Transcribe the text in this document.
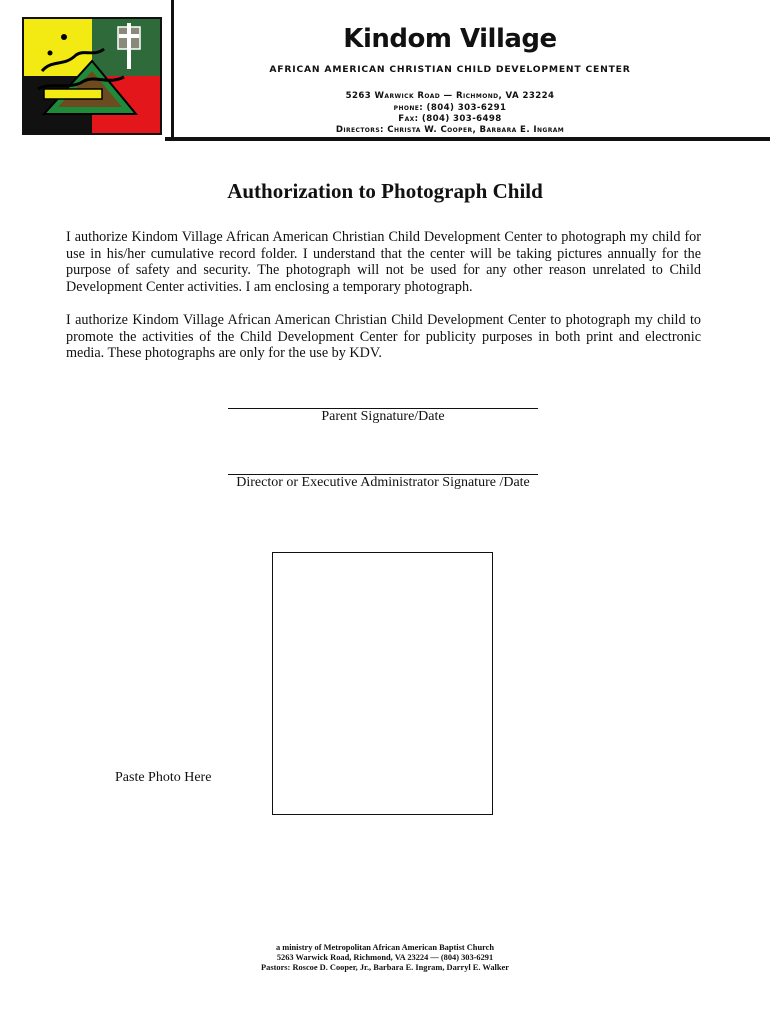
Kindom Village
AFRICAN AMERICAN CHRISTIAN CHILD DEVELOPMENT CENTER
5263 Warwick Road — Richmond, VA 23224
phone: (804) 303-6291
Fax: (804) 303-6498
Directors: Christa W. Cooper, Barbara E. Ingram
Authorization to Photograph Child
I authorize Kindom Village African American Christian Child Development Center to photograph my child for use in his/her cumulative record folder. I understand that the center will be taking pictures annually for the purpose of safety and security. The photograph will not be used for any other reason unrelated to Child Development Center activities. I am enclosing a temporary photograph.
I authorize Kindom Village African American Christian Child Development Center to photograph my child to promote the activities of the Child Development Center for publicity purposes in both print and electronic media. These photographs are only for the use by KDV.
Parent Signature/Date
Director or Executive Administrator Signature /Date
Paste Photo Here
a ministry of Metropolitan African American Baptist Church
5263 Warwick Road, Richmond, VA 23224 — (804) 303-6291
Pastors: Roscoe D. Cooper, Jr., Barbara E. Ingram, Darryl E. Walker
